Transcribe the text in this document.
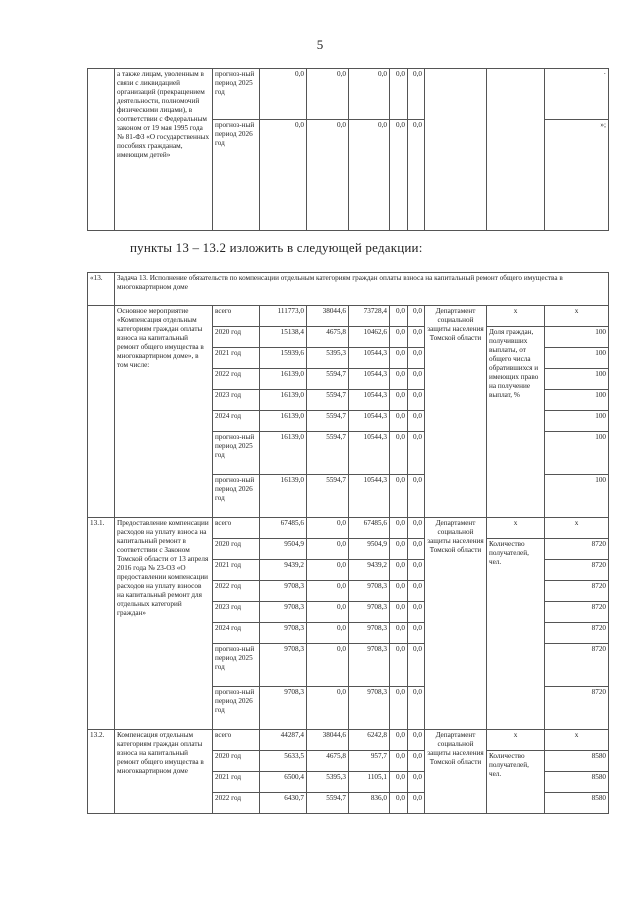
5
	а также лицам, уволенным в связи с ликвидацией организаций (прекращением деятельности, полномочий физическими лицами), в соответствии с Федеральным законом от 19 мая 1995 года № 81-ФЗ «О государственных пособиях гражданам, имеющим детей»	прогноз-ный период 2025 год	0,0	0,0	0,0	0,0	0,0			·
		прогноз-ный период 2026 год	0,0	0,0	0,0	0,0	0,0			»;
пункты 13 – 13.2 изложить в следующей редакции:
«13.	Задача 13. Исполнение обязательств по компенсации отдельным категориям граждан оплаты взноса на капитальный ремонт общего имущества в многоквартирном доме									
	Основное мероприятие «Компенсация отдельным категориям граждан оплаты взноса на капитальный ремонт общего имущества в многоквартирном доме», в том числе:	всего	111773,0	38044,6	73728,4	0,0	0,0	Департамент социальной защиты населения Томской области	х	х
		2020 год	15138,4	4675,8	10462,6	0,0	0,0		Доля граждан, получивших выплаты, от общего числа обратившихся и имеющих право на получение выплат, %	100
		2021 год	15939,6	5395,3	10544,3	0,0	0,0			100
		2022 год	16139,0	5594,7	10544,3	0,0	0,0			100
		2023 год	16139,0	5594,7	10544,3	0,0	0,0			100
		2024 год	16139,0	5594,7	10544,3	0,0	0,0			100
		прогноз-ный период 2025 год	16139,0	5594,7	10544,3	0,0	0,0			100
		прогноз-ный период 2026 год	16139,0	5594,7	10544,3	0,0	0,0			100
13.1.	Предоставление компенсации расходов на уплату взноса на капитальный ремонт в соответствии с Законом Томской области от 13 апреля 2016 года № 23-ОЗ «О предоставлении компенсации расходов на уплату взносов на капитальный ремонт для отдельных категорий граждан»	всего	67485,6	0,0	67485,6	0,0	0,0	Департамент социальной защиты населения Томской области	х	х
		2020 год	9504,9	0,0	9504,9	0,0	0,0		Количество получателей, чел.	8720
		2021 год	9439,2	0,0	9439,2	0,0	0,0			8720
		2022 год	9708,3	0,0	9708,3	0,0	0,0			8720
		2023 год	9708,3	0,0	9708,3	0,0	0,0			8720
		2024 год	9708,3	0,0	9708,3	0,0	0,0			8720
		прогноз-ный период 2025 год	9708,3	0,0	9708,3	0,0	0,0			8720
		прогноз-ный период 2026 год	9708,3	0,0	9708,3	0,0	0,0			8720
13.2.	Компенсация отдельным категориям граждан оплаты взноса на капитальный ремонт общего имущества в многоквартирном доме	всего	44287,4	38044,6	6242,8	0,0	0,0	Департамент социальной защиты населения Томской области	х	х
		2020 год	5633,5	4675,8	957,7	0,0	0,0		Количество получателей, чел.	8580
		2021 год	6500,4	5395,3	1105,1	0,0	0,0			8580
		2022 год	6430,7	5594,7	836,0	0,0	0,0			8580
